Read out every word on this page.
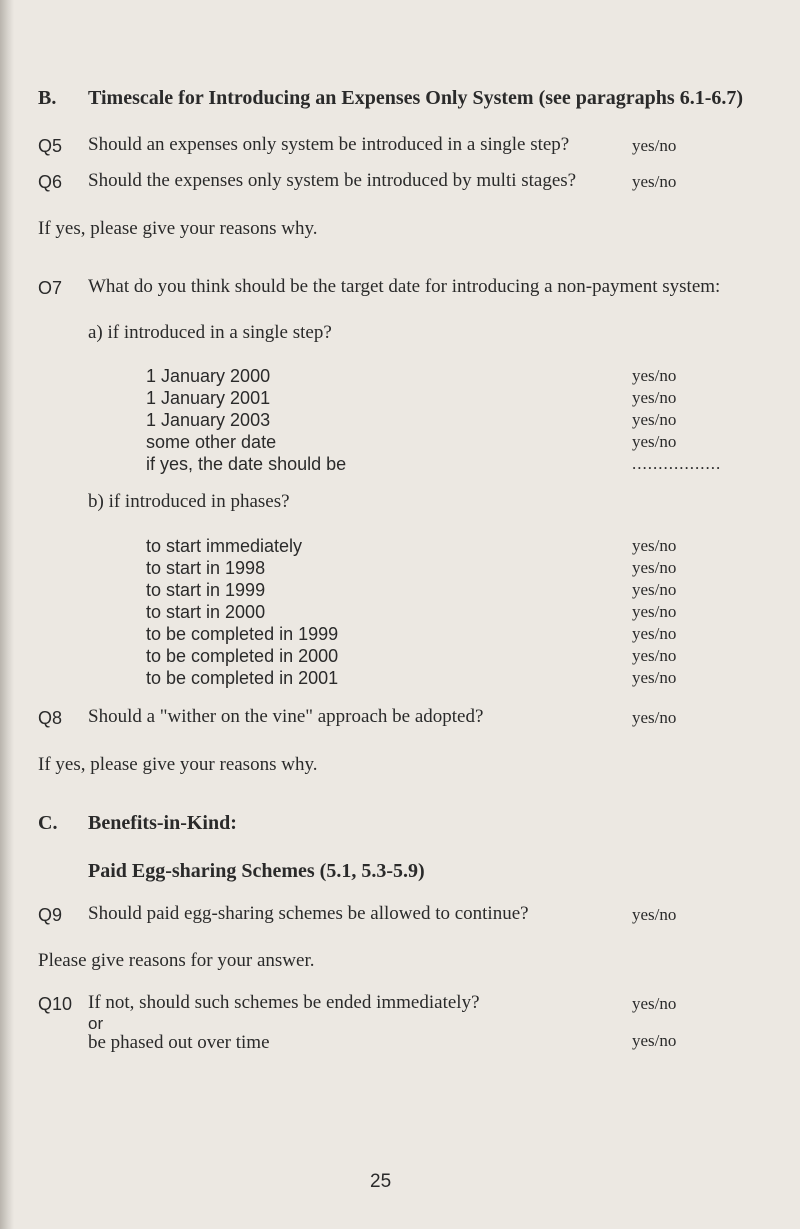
B. Timescale for Introducing an Expenses Only System (see paragraphs 6.1-6.7)
Q5 Should an expenses only system be introduced in a single step?	yes/no
Q6 Should the expenses only system be introduced by multi stages?	yes/no
If yes, please give your reasons why.
O7 What do you think should be the target date for introducing a non-payment system:
a) if introduced in a single step?
1 January 2000	yes/no
1 January 2001	yes/no
1 January 2003	yes/no
some other date	yes/no
if yes, the date should be	.................
b) if introduced in phases?
to start immediately	yes/no
to start in 1998	yes/no
to start in 1999	yes/no
to start in 2000	yes/no
to be completed in 1999	yes/no
to be completed in 2000	yes/no
to be completed in 2001	yes/no
Q8 Should a "wither on the vine" approach be adopted?	yes/no
If yes, please give your reasons why.
C. Benefits-in-Kind:
Paid Egg-sharing Schemes (5.1, 5.3-5.9)
Q9 Should paid egg-sharing schemes be allowed to continue?	yes/no
Please give reasons for your answer.
Q10 If not, should such schemes be ended immediately?	yes/no
or
be phased out over time	yes/no
25
